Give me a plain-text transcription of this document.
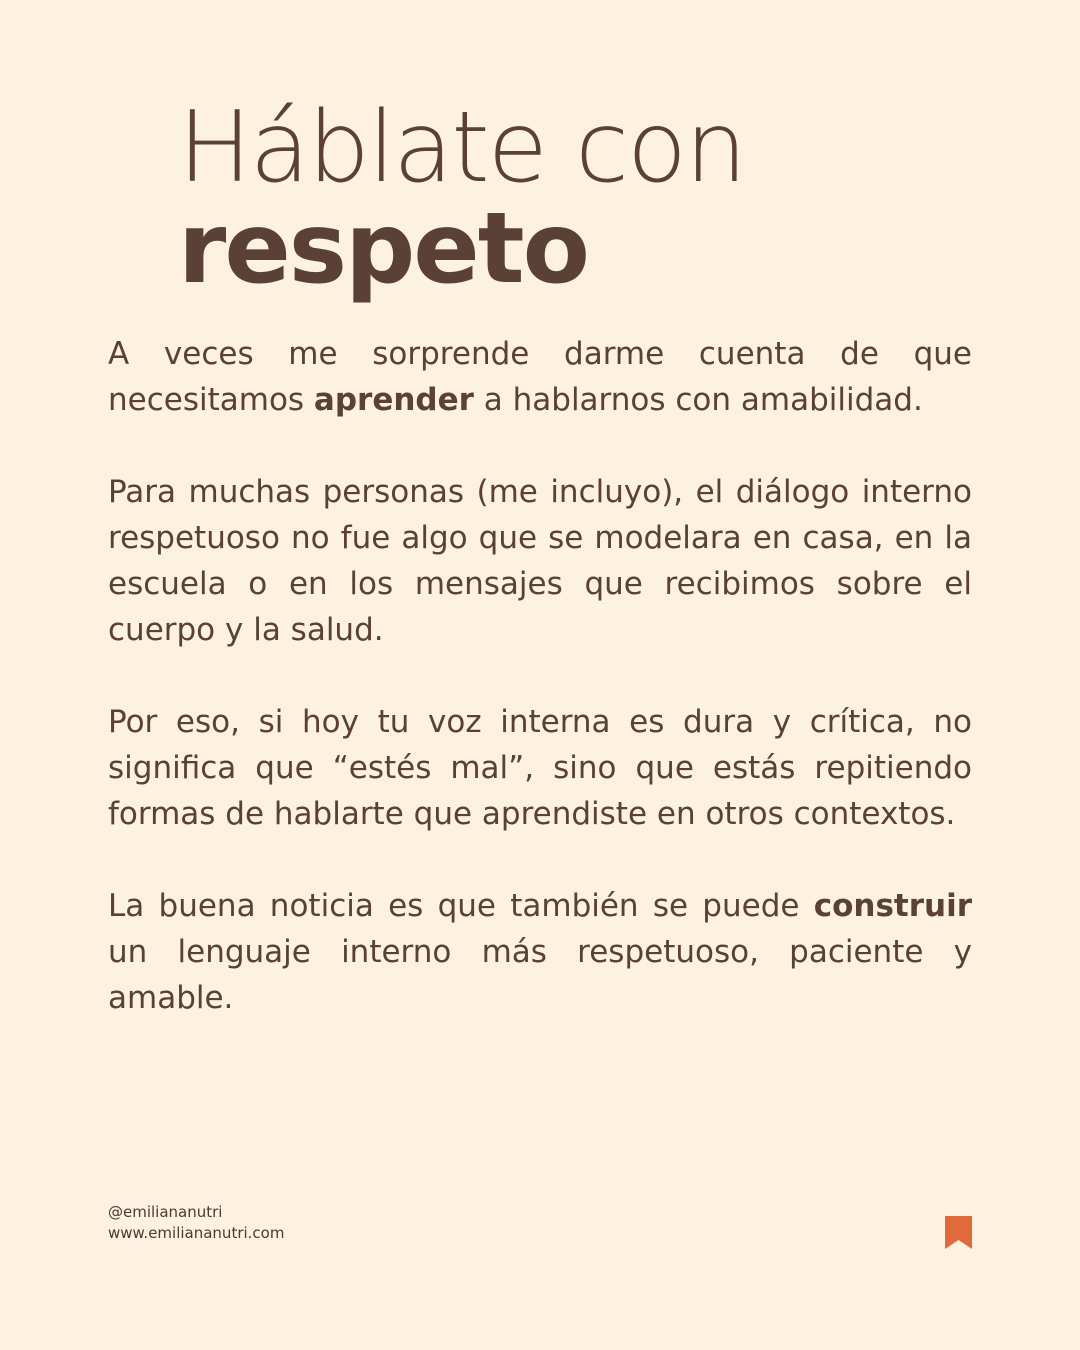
Háblate con
respeto

A veces me sorprende darme cuenta de que necesitamos aprender a hablarnos con amabilidad.

Para muchas personas (me incluyo), el diálogo interno respetuoso no fue algo que se modelara en casa, en la escuela o en los mensajes que recibimos sobre el cuerpo y la salud.

Por eso, si hoy tu voz interna es dura y crítica, no significa que “estés mal”, sino que estás repitiendo formas de hablarte que aprendiste en otros contextos.

La buena noticia es que también se puede construir un lenguaje interno más respetuoso, paciente y amable.

@emiliananutri
www.emiliananutri.com
